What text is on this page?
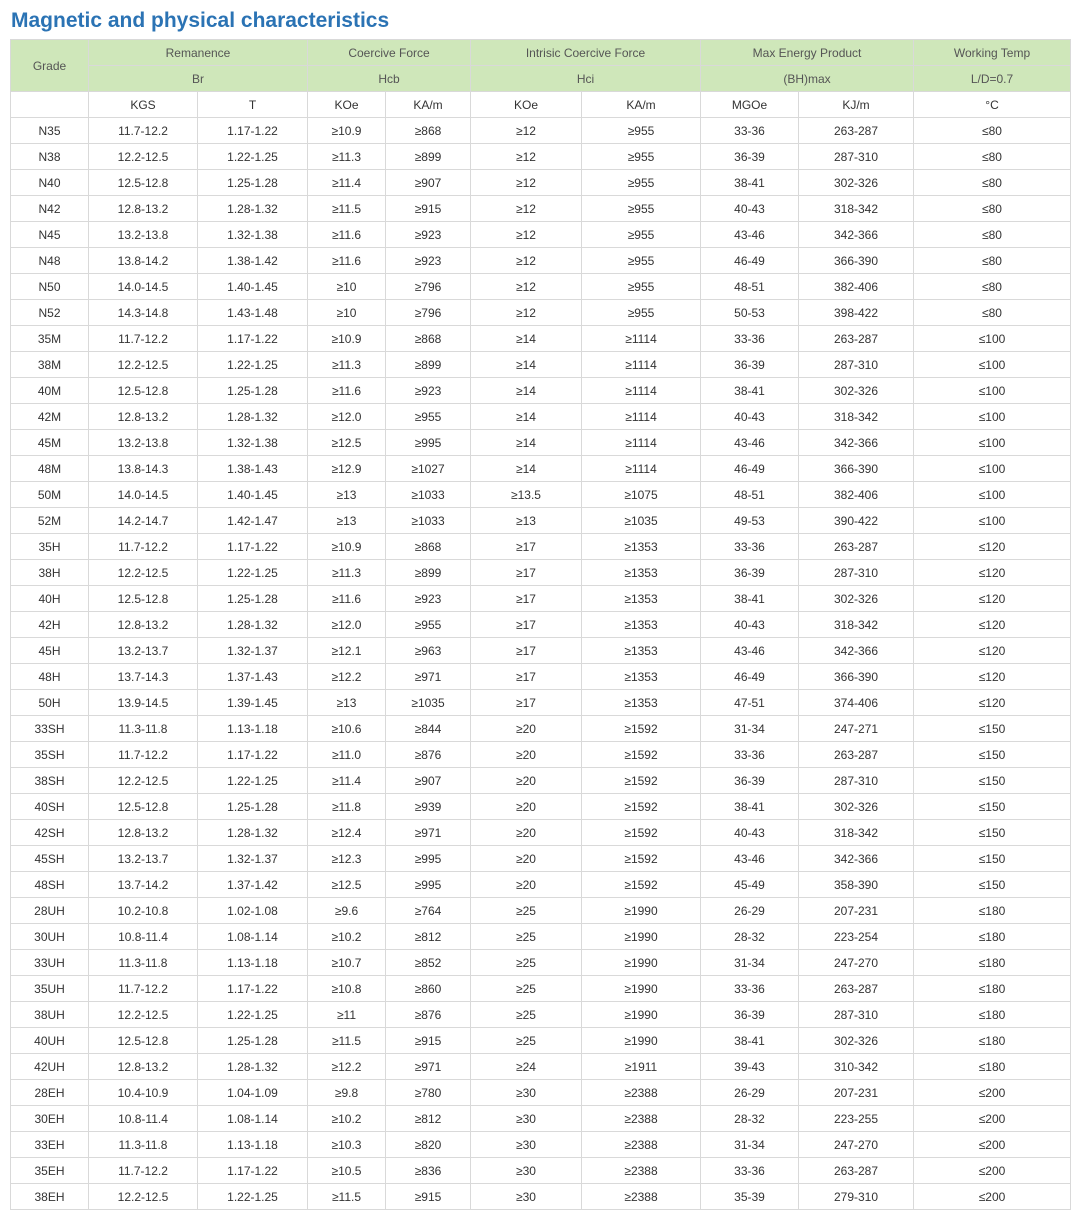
Magnetic and physical characteristics
Grade	Remanence		Coercive Force		Intrisic Coercive Force		Max Energy Product		Working Temp
	Br		Hcb		Hci		(BH)max		L/D=0.7
	KGS	T	KOe	KA/m	KOe	KA/m	MGOe	KJ/m	°C
N35	11.7-12.2	1.17-1.22	≥10.9	≥868	≥12	≥955	33-36	263-287	≤80
N38	12.2-12.5	1.22-1.25	≥11.3	≥899	≥12	≥955	36-39	287-310	≤80
N40	12.5-12.8	1.25-1.28	≥11.4	≥907	≥12	≥955	38-41	302-326	≤80
N42	12.8-13.2	1.28-1.32	≥11.5	≥915	≥12	≥955	40-43	318-342	≤80
N45	13.2-13.8	1.32-1.38	≥11.6	≥923	≥12	≥955	43-46	342-366	≤80
N48	13.8-14.2	1.38-1.42	≥11.6	≥923	≥12	≥955	46-49	366-390	≤80
N50	14.0-14.5	1.40-1.45	≥10	≥796	≥12	≥955	48-51	382-406	≤80
N52	14.3-14.8	1.43-1.48	≥10	≥796	≥12	≥955	50-53	398-422	≤80
35M	11.7-12.2	1.17-1.22	≥10.9	≥868	≥14	≥1114	33-36	263-287	≤100
38M	12.2-12.5	1.22-1.25	≥11.3	≥899	≥14	≥1114	36-39	287-310	≤100
40M	12.5-12.8	1.25-1.28	≥11.6	≥923	≥14	≥1114	38-41	302-326	≤100
42M	12.8-13.2	1.28-1.32	≥12.0	≥955	≥14	≥1114	40-43	318-342	≤100
45M	13.2-13.8	1.32-1.38	≥12.5	≥995	≥14	≥1114	43-46	342-366	≤100
48M	13.8-14.3	1.38-1.43	≥12.9	≥1027	≥14	≥1114	46-49	366-390	≤100
50M	14.0-14.5	1.40-1.45	≥13	≥1033	≥13.5	≥1075	48-51	382-406	≤100
52M	14.2-14.7	1.42-1.47	≥13	≥1033	≥13	≥1035	49-53	390-422	≤100
35H	11.7-12.2	1.17-1.22	≥10.9	≥868	≥17	≥1353	33-36	263-287	≤120
38H	12.2-12.5	1.22-1.25	≥11.3	≥899	≥17	≥1353	36-39	287-310	≤120
40H	12.5-12.8	1.25-1.28	≥11.6	≥923	≥17	≥1353	38-41	302-326	≤120
42H	12.8-13.2	1.28-1.32	≥12.0	≥955	≥17	≥1353	40-43	318-342	≤120
45H	13.2-13.7	1.32-1.37	≥12.1	≥963	≥17	≥1353	43-46	342-366	≤120
48H	13.7-14.3	1.37-1.43	≥12.2	≥971	≥17	≥1353	46-49	366-390	≤120
50H	13.9-14.5	1.39-1.45	≥13	≥1035	≥17	≥1353	47-51	374-406	≤120
33SH	11.3-11.8	1.13-1.18	≥10.6	≥844	≥20	≥1592	31-34	247-271	≤150
35SH	11.7-12.2	1.17-1.22	≥11.0	≥876	≥20	≥1592	33-36	263-287	≤150
38SH	12.2-12.5	1.22-1.25	≥11.4	≥907	≥20	≥1592	36-39	287-310	≤150
40SH	12.5-12.8	1.25-1.28	≥11.8	≥939	≥20	≥1592	38-41	302-326	≤150
42SH	12.8-13.2	1.28-1.32	≥12.4	≥971	≥20	≥1592	40-43	318-342	≤150
45SH	13.2-13.7	1.32-1.37	≥12.3	≥995	≥20	≥1592	43-46	342-366	≤150
48SH	13.7-14.2	1.37-1.42	≥12.5	≥995	≥20	≥1592	45-49	358-390	≤150
28UH	10.2-10.8	1.02-1.08	≥9.6	≥764	≥25	≥1990	26-29	207-231	≤180
30UH	10.8-11.4	1.08-1.14	≥10.2	≥812	≥25	≥1990	28-32	223-254	≤180
33UH	11.3-11.8	1.13-1.18	≥10.7	≥852	≥25	≥1990	31-34	247-270	≤180
35UH	11.7-12.2	1.17-1.22	≥10.8	≥860	≥25	≥1990	33-36	263-287	≤180
38UH	12.2-12.5	1.22-1.25	≥11	≥876	≥25	≥1990	36-39	287-310	≤180
40UH	12.5-12.8	1.25-1.28	≥11.5	≥915	≥25	≥1990	38-41	302-326	≤180
42UH	12.8-13.2	1.28-1.32	≥12.2	≥971	≥24	≥1911	39-43	310-342	≤180
28EH	10.4-10.9	1.04-1.09	≥9.8	≥780	≥30	≥2388	26-29	207-231	≤200
30EH	10.8-11.4	1.08-1.14	≥10.2	≥812	≥30	≥2388	28-32	223-255	≤200
33EH	11.3-11.8	1.13-1.18	≥10.3	≥820	≥30	≥2388	31-34	247-270	≤200
35EH	11.7-12.2	1.17-1.22	≥10.5	≥836	≥30	≥2388	33-36	263-287	≤200
38EH	12.2-12.5	1.22-1.25	≥11.5	≥915	≥30	≥2388	35-39	279-310	≤200
